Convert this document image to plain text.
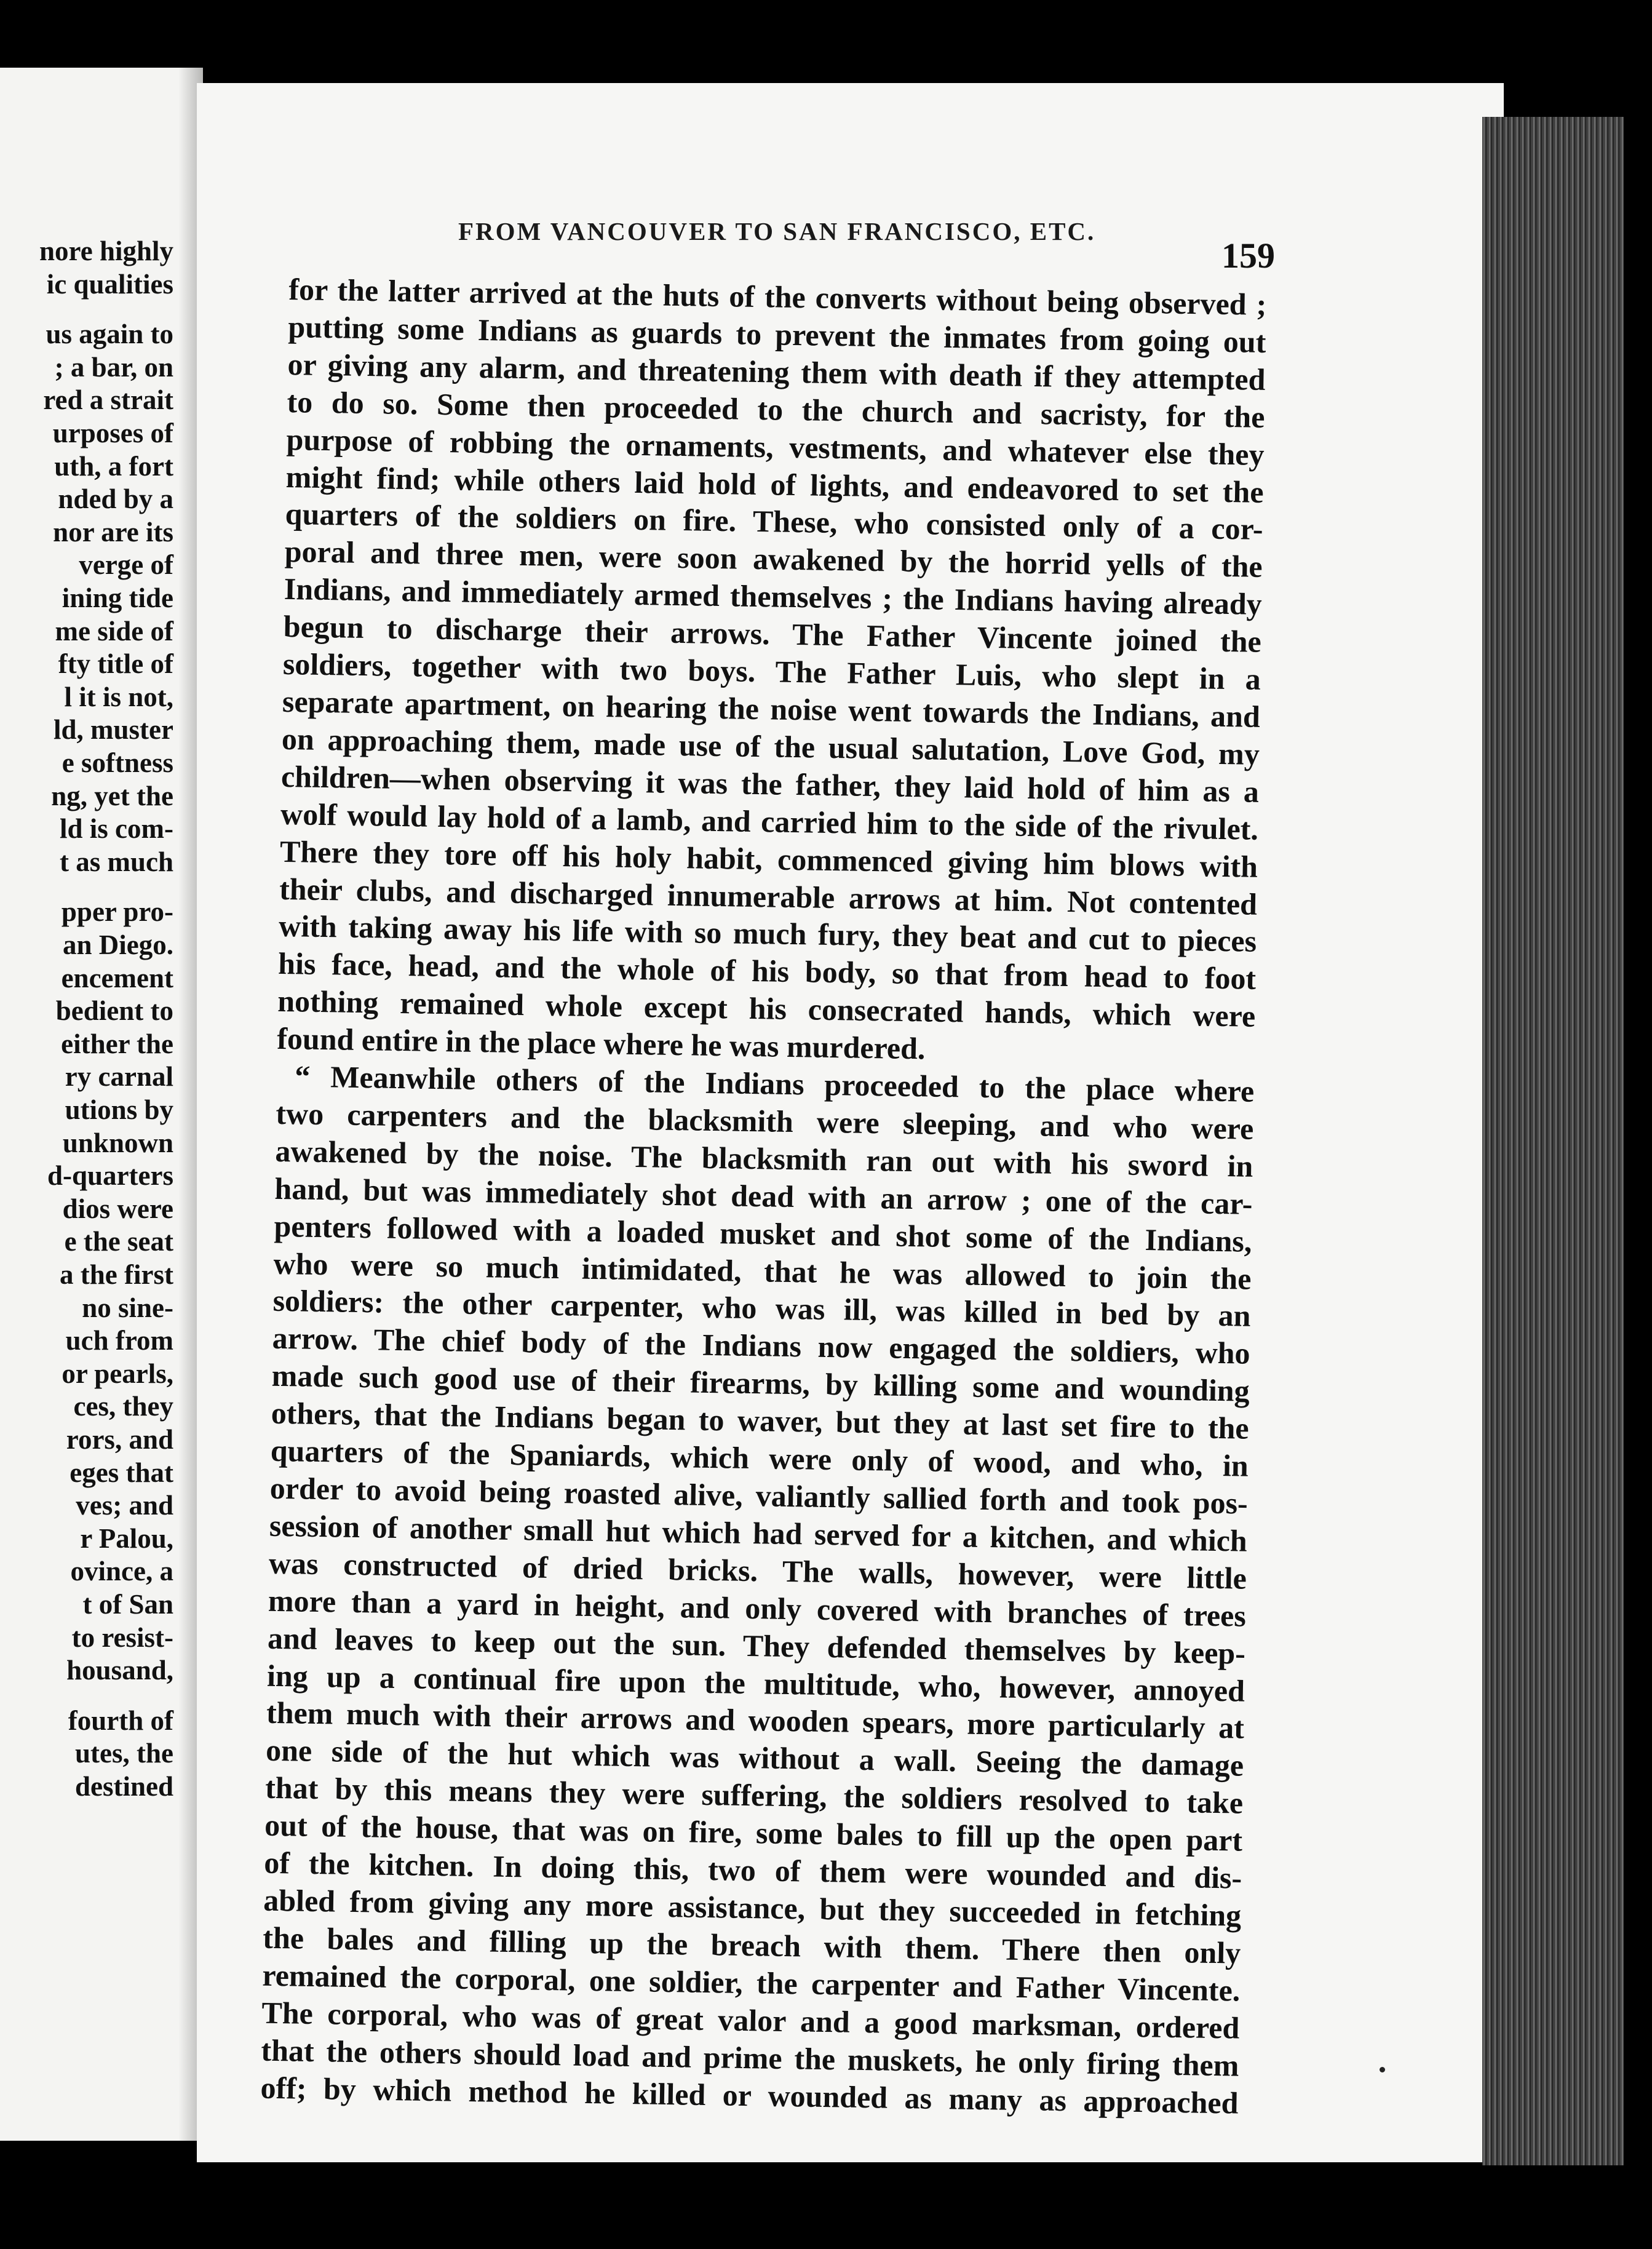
nore highly
ic qualities
us again to
; a bar, on
red a strait
urposes of
uth, a fort
nded by a
nor are its
verge of
ining tide
me side of
fty title of
l it is not,
ld, muster
e softness
ng, yet the
ld is com-
t as much
pper pro-
an Diego.
encement
bedient to
either the
ry carnal
utions by
unknown
d-quarters
dios were
e the seat
a the first
no sine-
uch from
or pearls,
ces, they
rors, and
eges that
ves; and
r Palou,
ovince, a
t of San
to resist-
housand,
fourth of
utes, the
destined
FROM VANCOUVER TO SAN FRANCISCO, ETC.
159
for the latter arrived at the huts of the converts without being observed ;
putting some Indians as guards to prevent the inmates from going out
or giving any alarm, and threatening them with death if they attempted
to do so. Some then proceeded to the church and sacristy, for the
purpose of robbing the ornaments, vestments, and whatever else they
might find; while others laid hold of lights, and endeavored to set the
quarters of the soldiers on fire. These, who consisted only of a cor-
poral and three men, were soon awakened by the horrid yells of the
Indians, and immediately armed themselves ; the Indians having already
begun to discharge their arrows. The Father Vincente joined the
soldiers, together with two boys. The Father Luis, who slept in a
separate apartment, on hearing the noise went towards the Indians, and
on approaching them, made use of the usual salutation, Love God, my
children—when observing it was the father, they laid hold of him as a
wolf would lay hold of a lamb, and carried him to the side of the rivulet.
There they tore off his holy habit, commenced giving him blows with
their clubs, and discharged innumerable arrows at him. Not contented
with taking away his life with so much fury, they beat and cut to pieces
his face, head, and the whole of his body, so that from head to foot
nothing remained whole except his consecrated hands, which were
found entire in the place where he was murdered.
“ Meanwhile others of the Indians proceeded to the place where
two carpenters and the blacksmith were sleeping, and who were
awakened by the noise. The blacksmith ran out with his sword in
hand, but was immediately shot dead with an arrow ; one of the car-
penters followed with a loaded musket and shot some of the Indians,
who were so much intimidated, that he was allowed to join the
soldiers: the other carpenter, who was ill, was killed in bed by an
arrow. The chief body of the Indians now engaged the soldiers, who
made such good use of their firearms, by killing some and wounding
others, that the Indians began to waver, but they at last set fire to the
quarters of the Spaniards, which were only of wood, and who, in
order to avoid being roasted alive, valiantly sallied forth and took pos-
session of another small hut which had served for a kitchen, and which
was constructed of dried bricks. The walls, however, were little
more than a yard in height, and only covered with branches of trees
and leaves to keep out the sun. They defended themselves by keep-
ing up a continual fire upon the multitude, who, however, annoyed
them much with their arrows and wooden spears, more particularly at
one side of the hut which was without a wall. Seeing the damage
that by this means they were suffering, the soldiers resolved to take
out of the house, that was on fire, some bales to fill up the open part
of the kitchen. In doing this, two of them were wounded and dis-
abled from giving any more assistance, but they succeeded in fetching
the bales and filling up the breach with them. There then only
remained the corporal, one soldier, the carpenter and Father Vincente.
The corporal, who was of great valor and a good marksman, ordered
that the others should load and prime the muskets, he only firing them
off; by which method he killed or wounded as many as approached
